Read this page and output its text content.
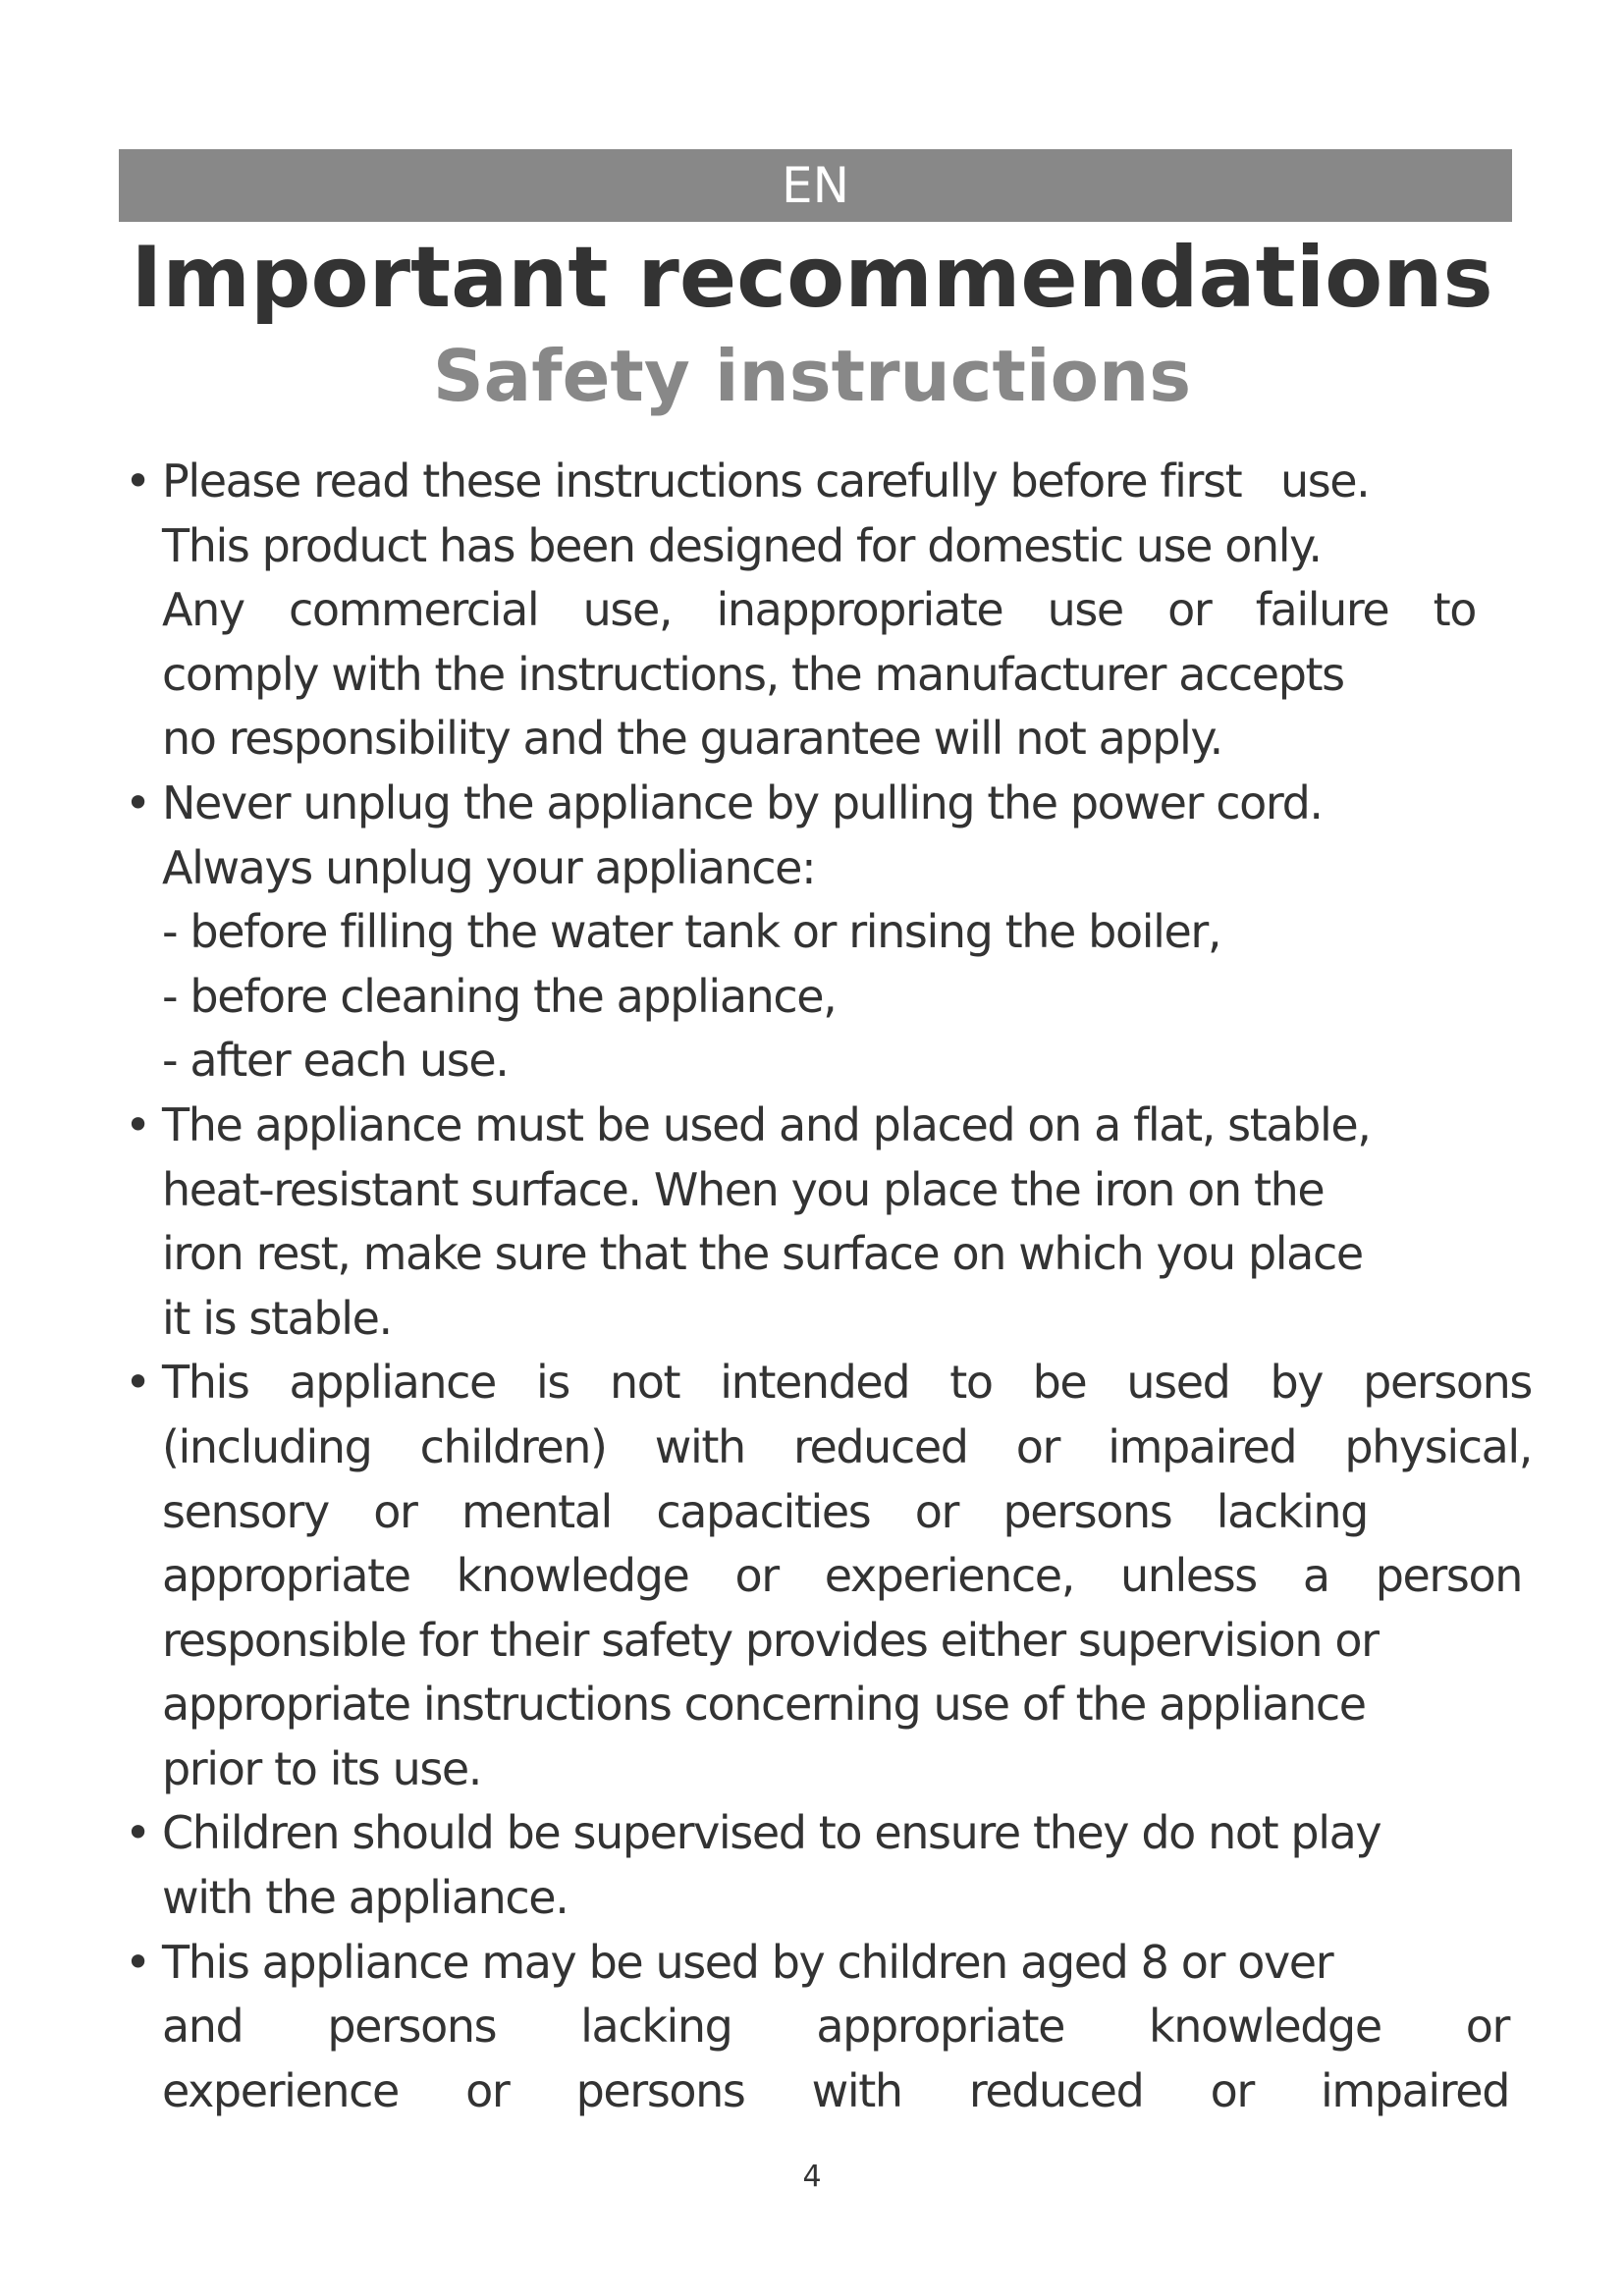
EN
Important recommendations
Safety instructions
• Please read these instructions carefully before first   use.
This product has been designed for domestic use only.
Any commercial use, inappropriate use or failure to
comply with the instructions, the manufacturer accepts
no responsibility and the guarantee will not apply.
• Never unplug the appliance by pulling the power cord.
Always unplug your appliance:
- before filling the water tank or rinsing the boiler,
- before cleaning the appliance,
- after each use.
• The appliance must be used and placed on a flat, stable,
heat-resistant surface. When you place the iron on the
iron rest, make sure that the surface on which you place
it is stable.
• This appliance is not intended to be used by persons
(including children) with reduced or impaired physical,
sensory or mental capacities or persons lacking
appropriate knowledge or experience, unless a person
responsible for their safety provides either supervision or
appropriate instructions concerning use of the appliance
prior to its use.
• Children should be supervised to ensure they do not play
with the appliance.
• This appliance may be used by children aged 8 or over
and persons lacking appropriate knowledge or
experience or persons with reduced or impaired
4
